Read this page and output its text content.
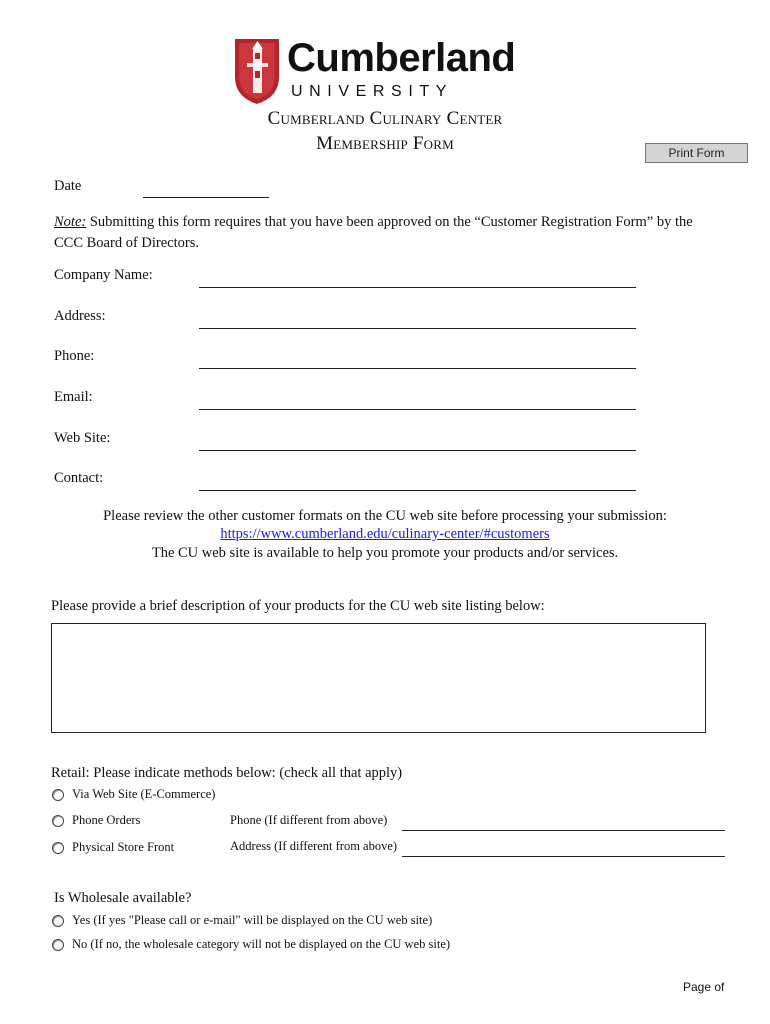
Cumberland
UNIVERSITY
Cumberland Culinary Center
Membership Form	Print Form
Date
Note: Submitting this form requires that you have been approved on the “Customer Registration Form” by the CCC Board of Directors.
Company Name:
Address:
Phone:
Email:
Web Site:
Contact:
Please review the other customer formats on the CU web site before processing your submission:
https://www.cumberland.edu/culinary-center/#customers
The CU web site is available to help you promote your products and/or services.
Please provide a brief description of your products for the CU web site listing below:
Retail: Please indicate methods below: (check all that apply)
Via Web Site (E-Commerce)
Phone Orders	Phone (If different from above)
Physical Store Front	Address (If different from above)
Is Wholesale available?
Yes (If yes "Please call or e-mail" will be displayed on the CU web site)
No (If no, the wholesale category will not be displayed on the CU web site)
Page of
